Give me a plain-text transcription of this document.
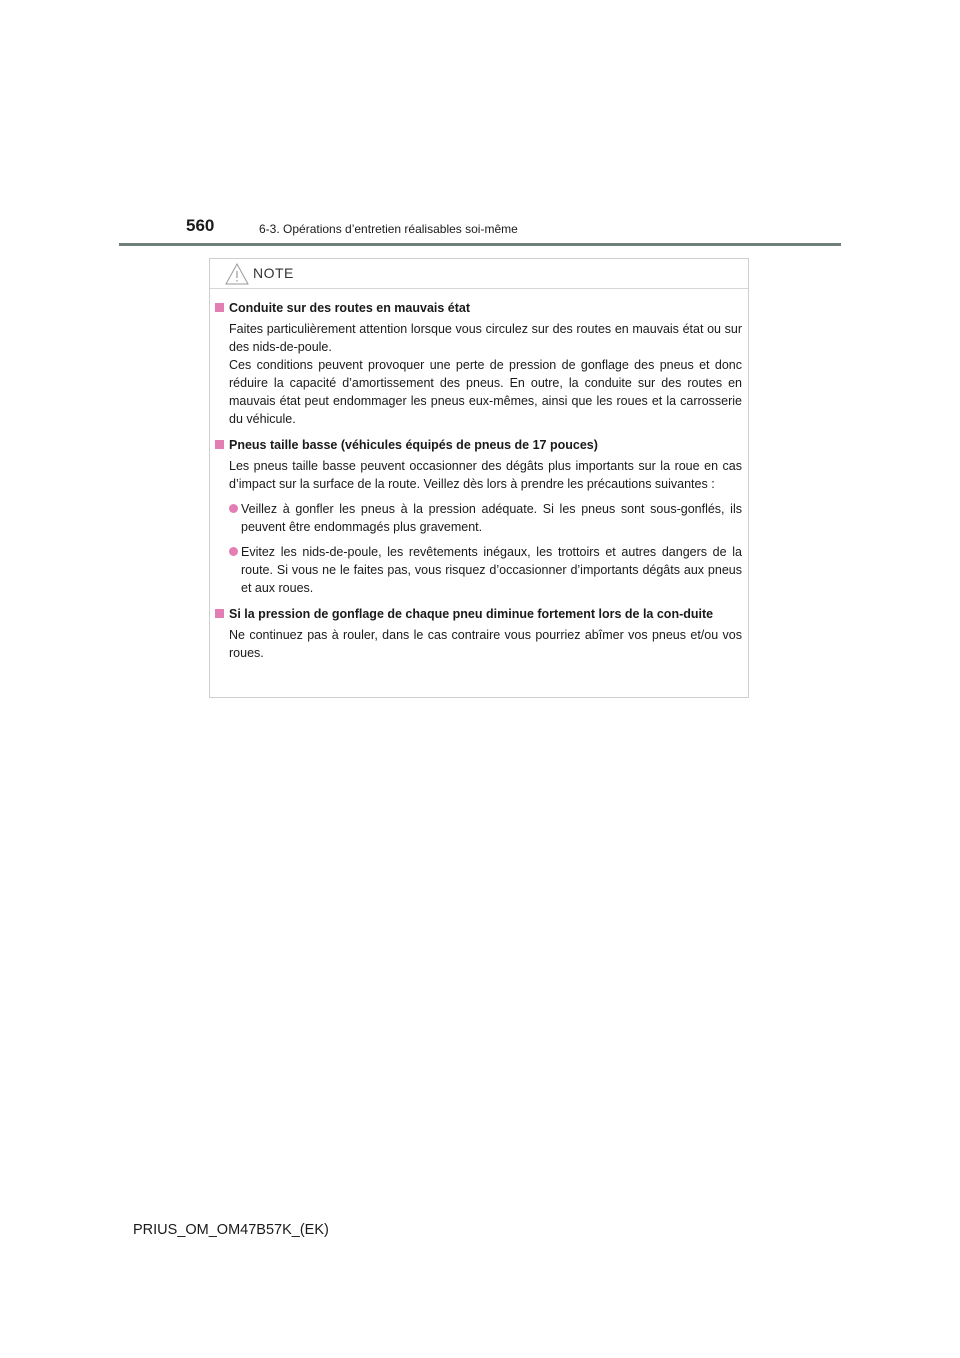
560	6-3. Opérations d’entretien réalisables soi-même
NOTE
Conduite sur des routes en mauvais état
Faites particulièrement attention lorsque vous circulez sur des routes en mauvais état ou sur des nids-de-poule.
Ces conditions peuvent provoquer une perte de pression de gonflage des pneus et donc réduire la capacité d’amortissement des pneus. En outre, la conduite sur des routes en mauvais état peut endommager les pneus eux-mêmes, ainsi que les roues et la carrosserie du véhicule.
Pneus taille basse (véhicules équipés de pneus de 17 pouces)
Les pneus taille basse peuvent occasionner des dégâts plus importants sur la roue en cas d’impact sur la surface de la route. Veillez dès lors à prendre les précautions suivantes :
Veillez à gonfler les pneus à la pression adéquate. Si les pneus sont sous-gonflés, ils peuvent être endommagés plus gravement.
Evitez les nids-de-poule, les revêtements inégaux, les trottoirs et autres dangers de la route. Si vous ne le faites pas, vous risquez d’occasionner d’importants dégâts aux pneus et aux roues.
Si la pression de gonflage de chaque pneu diminue fortement lors de la con-duite
Ne continuez pas à rouler, dans le cas contraire vous pourriez abîmer vos pneus et/ou vos roues.
PRIUS_OM_OM47B57K_(EK)
